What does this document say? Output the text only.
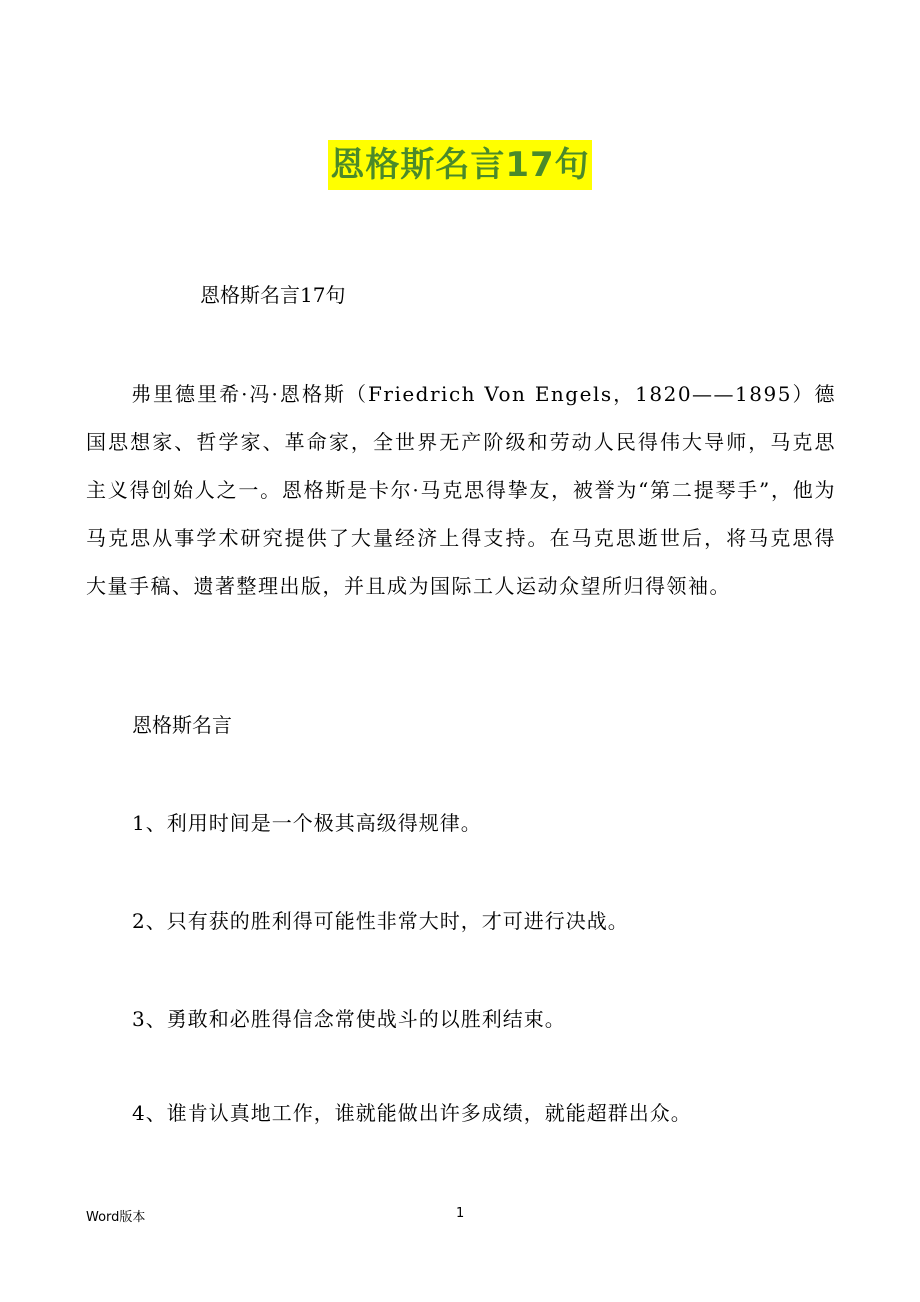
恩格斯名言17句
恩格斯名言17句

弗里德里希·冯·恩格斯（Friedrich Von Engels，1820——1895）德国思想家、哲学家、革命家，全世界无产阶级和劳动人民得伟大导师，马克思主义得创始人之一。恩格斯是卡尔·马克思得挚友，被誉为“第二提琴手”，他为马克思从事学术研究提供了大量经济上得支持。在马克思逝世后，将马克思得大量手稿、遗著整理出版，并且成为国际工人运动众望所归得领袖。

恩格斯名言
1、利用时间是一个极其高级得规律。
2、只有获的胜利得可能性非常大时，才可进行决战。
3、勇敢和必胜得信念常使战斗的以胜利结束。
4、谁肯认真地工作，谁就能做出许多成绩，就能超群出众。
Word版本	1
